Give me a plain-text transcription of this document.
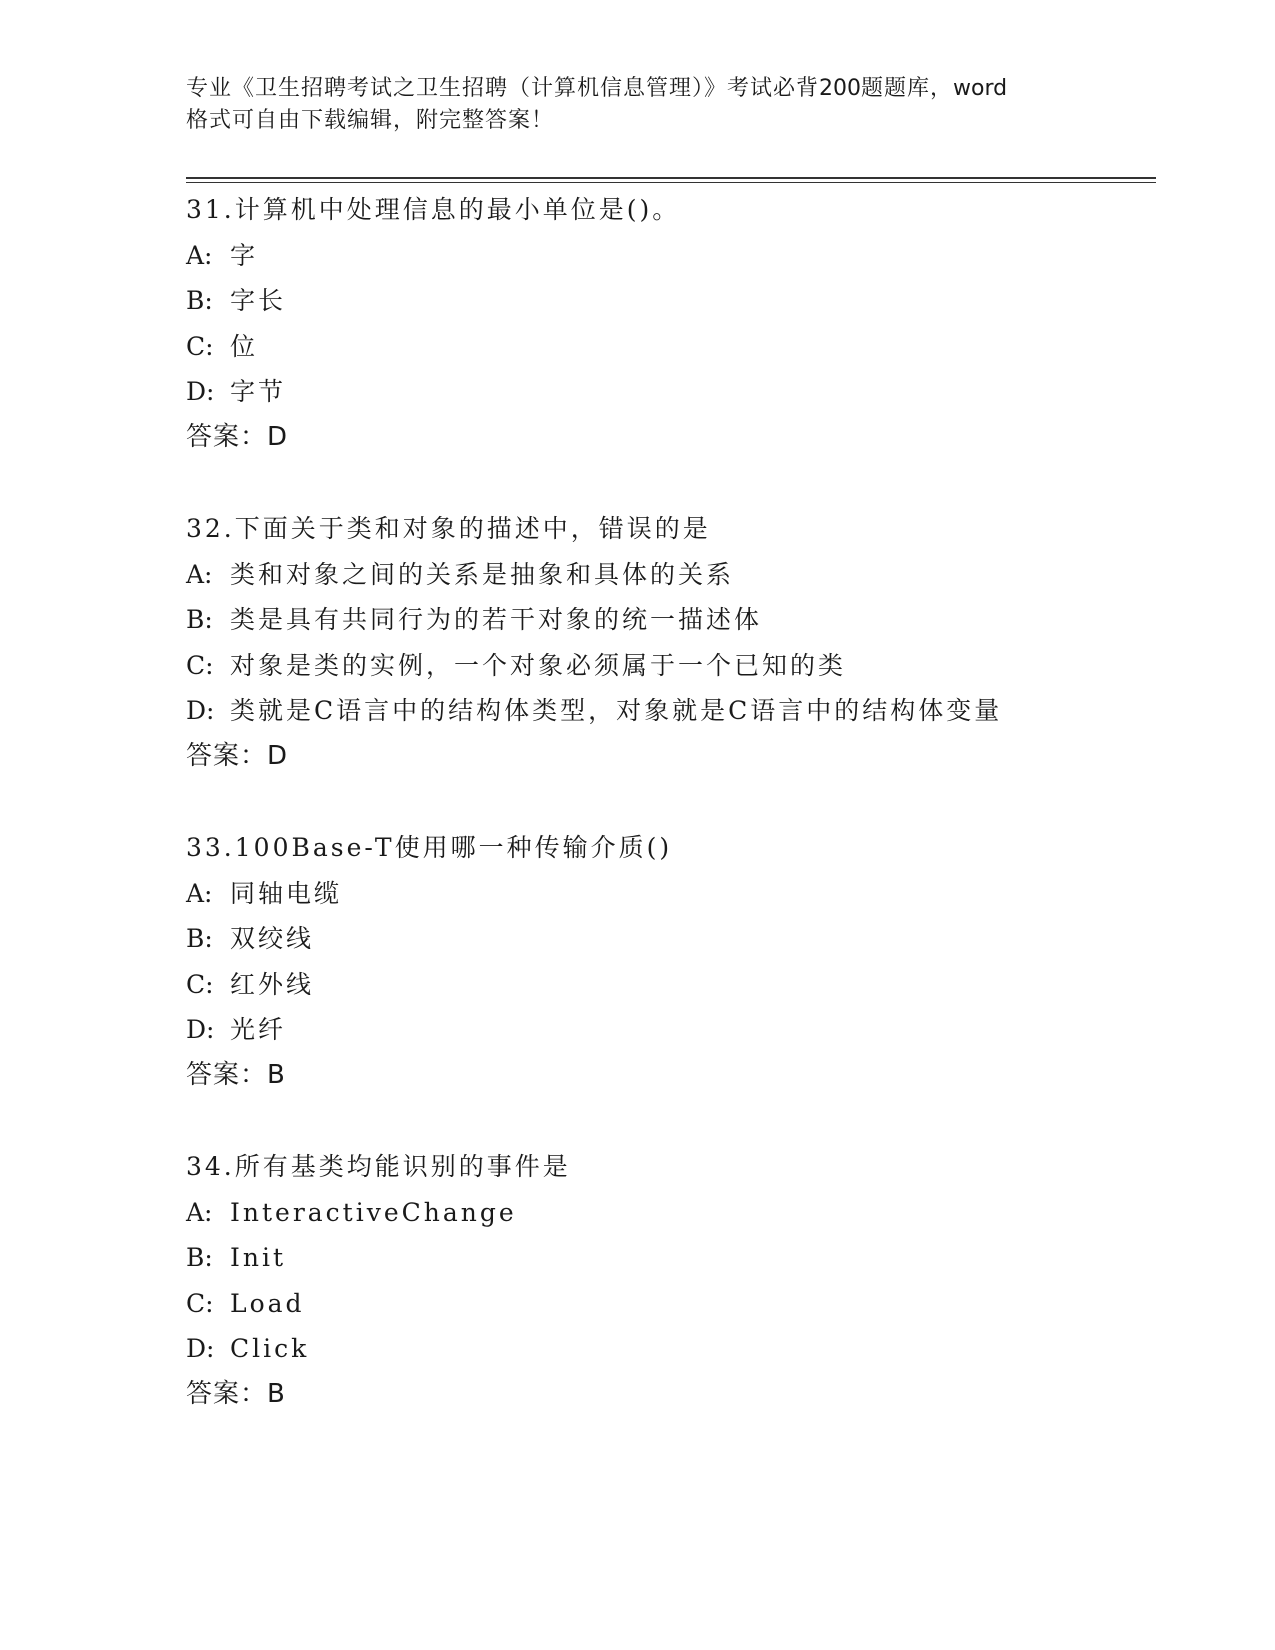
专业《卫生招聘考试之卫生招聘（计算机信息管理）》考试必背200题题库，word
格式可自由下载编辑，附完整答案！
31.计算机中处理信息的最小单位是()。
A: 字
B: 字长
C: 位
D: 字节
答案：D
32.下面关于类和对象的描述中，错误的是
A: 类和对象之间的关系是抽象和具体的关系
B: 类是具有共同行为的若干对象的统一描述体
C: 对象是类的实例，一个对象必须属于一个已知的类
D: 类就是C语言中的结构体类型，对象就是C语言中的结构体变量
答案：D
33.100Base-T使用哪一种传输介质()
A: 同轴电缆
B: 双绞线
C: 红外线
D: 光纤
答案：B
34.所有基类均能识别的事件是
A: InteractiveChange
B: Init
C: Load
D: Click
答案：B
